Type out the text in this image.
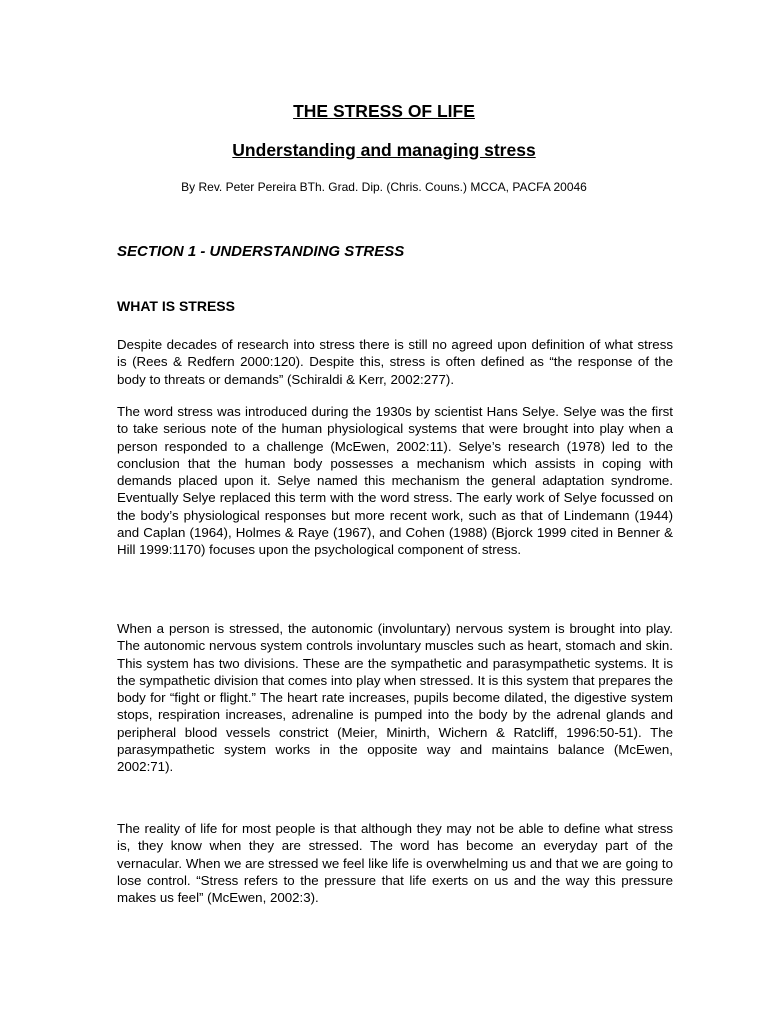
THE STRESS OF LIFE
Understanding and managing stress

By Rev. Peter Pereira BTh. Grad. Dip. (Chris. Couns.) MCCA, PACFA 20046

SECTION 1 - UNDERSTANDING STRESS
WHAT IS STRESS

Despite decades of research into stress there is still no agreed upon definition of what stress is (Rees & Redfern 2000:120). Despite this, stress is often defined as “the response of the body to threats or demands” (Schiraldi & Kerr, 2002:277).

The word stress was introduced during the 1930s by scientist Hans Selye. Selye was the first to take serious note of the human physiological systems that were brought into play when a person responded to a challenge (McEwen, 2002:11). Selye’s research (1978) led to the conclusion that the human body possesses a mechanism which assists in coping with demands placed upon it. Selye named this mechanism the general adaptation syndrome. Eventually Selye replaced this term with the word stress. The early work of Selye focussed on the body’s physiological responses but more recent work, such as that of Lindemann (1944) and Caplan (1964), Holmes & Raye (1967), and Cohen (1988) (Bjorck 1999 cited in Benner & Hill 1999:1170) focuses upon the psychological component of stress.

When a person is stressed, the autonomic (involuntary) nervous system is brought into play. The autonomic nervous system controls involuntary muscles such as heart, stomach and skin. This system has two divisions. These are the sympathetic and parasympathetic systems. It is the sympathetic division that comes into play when stressed. It is this system that prepares the body for “fight or flight.” The heart rate increases, pupils become dilated, the digestive system stops, respiration increases, adrenaline is pumped into the body by the adrenal glands and peripheral blood vessels constrict (Meier, Minirth, Wichern & Ratcliff, 1996:50-51). The parasympathetic system works in the opposite way and maintains balance (McEwen, 2002:71).

The reality of life for most people is that although they may not be able to define what stress is, they know when they are stressed. The word has become an everyday part of the vernacular. When we are stressed we feel like life is overwhelming us and that we are going to lose control. “Stress refers to the pressure that life exerts on us and the way this pressure makes us feel” (McEwen, 2002:3).
